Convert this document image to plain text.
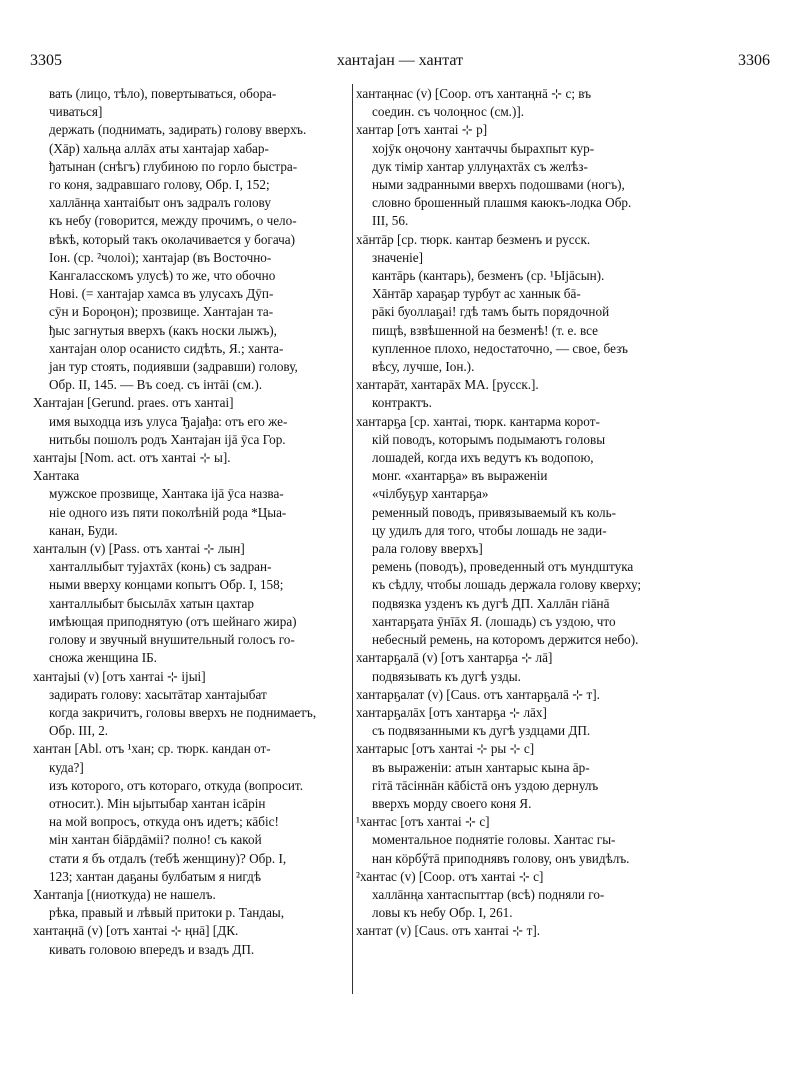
3305	хантаjан — хантат	3306
вать (лицо, тѣло), повертываться, обора-
чиваться]
держать (поднимать, задирать) голову вверхъ.
(Хāр) хальңа аллāх аты хантаjар хабар-
ђатынан (снѣгъ) глубиною по горло быстра-
го коня, задравшаго голову, Обр. I, 152;
халлāнңа хантаiбыт онъ задралъ голову
къ небу (говорится, между прочимъ, о чело-
вѣкѣ, который такъ околачивается у богача)
Іон. (ср. ²чолоі); хантаjар (въ Восточно-
Кангаласскомъ улусѣ) то же, что обочно
Нові. (= хантаjар хамса въ улусахъ Дӯп-
сӯн и Бороңон); прозвище. Хантаjан та-
ђыс загнутыя вверхъ (какъ носки лыжъ),
хантаjан олор осанисто сидѣть, Я.; ханта-
jан тур стоять, подиявши (задравши) голову,
Обр. II, 145. — Въ соед. съ інтāі (см.).
Хантаjан [Gerund. praes. отъ хантаі]
имя выходца изъ улуса Ђаjађа: отъ его же-
нитьбы пошолъ родъ Хантаjан іjā ӯса Гор.
хантаjы [Nom. act. отъ хантаі ⊹ ы].
Хантака
мужское прозвище, Хантака іjā ӯса назва-
ніе одного изъ пяти поколѣній рода *Цыа-
канан, Буди.
ханталын (v) [Pass. отъ хантаі ⊹ лын]
ханталлыбыт туjахтāх (конь) съ задран-
ными вверху концами копытъ Обр. I, 158;
ханталлыбыт бысылāх хатын цахтар
имѣющая приподнятую (отъ шейнаго жира)
голову и звучный внушительный голосъ го-
сножа женщина ІБ.
хантаjыі (v) [отъ хантаі ⊹ іјыі]
задирать голову: хасытāтар хантаjыбат
когда закричитъ, головы вверхъ не поднимаетъ,
Обр. III, 2.
хантан [Abl. отъ ¹хан; ср. тюрк. кандан от-
куда?]
изъ которого, отъ котораго, откуда (вопросит.
относит.). Мін ыjытыбар хантан ісāрін
на мой вопросъ, откуда онъ идетъ; кāбіс!
мін хантан біāрдāміі? полно! съ какой
стати я бъ отдалъ (тебѣ женщину)? Обр. I,
123; хантан даҕаны булбатым я нигдѣ
Хантаnja [(ниоткуда) не нашелъ.
рѣка, правый и лѣвый притоки р. Тандаы,
хантаңнā (v) [отъ хантаі ⊹ ңнā] [ДК.
кивать головою впередъ и взадъ ДП.
хантаңнас (v) [Coop. отъ хантаңнā ⊹ с; въ
соедин. съ чолоңнос (см.)].
хантар [отъ хантаі ⊹ р]
хојӯк оңочону хантаччы бырахпыт кур-
дук тімір хантар уллуңахтāх съ желѣз-
ными задранными вверхъ подошвами (ногъ),
словно брошенный плашмя каюкъ-лодка Обр.
III, 56.
хāнтāр [ср. тюрк. кантар безменъ и русск.
значеніе]
кантāрь (кантарь), безменъ (ср. ¹Ыјāсын).
Хāнтāр хараҕар турбут ас ханнык бā-
рāкі буоллаҕаі! гдѣ тамъ быть порядочной
пищѣ, взвѣшенной на безменѣ! (т. е. все
купленное плохо, недостаточно, — свое, безъ
вѣсу, лучше, Іон.).
хантарāт, хантарāх МА. [русск.].
контрактъ.
хантарҕа [ср. хантаі, тюрк. кантарма корот-
кій поводъ, которымъ подымаютъ головы
лошадей, когда ихъ ведутъ къ водопою,
монг. «хантарҕа» въ выраженіи
«чілбуҕур хантарҕа»
ременный поводъ, привязываемый къ коль-
цу удилъ для того, чтобы лошадь не зади-
рала голову вверхъ]
ремень (поводъ), проведенный отъ мундштука
къ сѣдлу, чтобы лошадь держала голову кверху;
подвязка узденъ къ дугѣ ДП. Халлāн гіāнā
хантарҕата ӯнīāх Я. (лошадь) съ уздою, что
небесный ремень, на которомъ держится небо).
хантарҕалā (v) [отъ хантарҕа ⊹ лā]
подвязывать къ дугѣ узды.
хантарҕалат (v) [Caus. отъ хантарҕалā ⊹ т].
хантарҕалāх [отъ хантарҕа ⊹ лāх]
съ подвязанными къ дугѣ уздцами ДП.
хантарыс [отъ хантаі ⊹ ры ⊹ с]
въ выраженіи: атын хантарыс кына āр-
гітā тāсіннāн кāбістā онъ уздою дернулъ
вверхъ морду своего коня Я.
¹хантас [отъ хантаі ⊹ с]
моментальное поднятіе головы. Хантас гы-
нан кӧрбӳтā приподнявъ голову, онъ увидѣлъ.
²хантас (v) [Coop. отъ хантаі ⊹ с]
халлāнңа хантаспыттар (всѣ) подняли го-
ловы къ небу Обр. I, 261.
хантат (v) [Caus. отъ хантаі ⊹ т].
